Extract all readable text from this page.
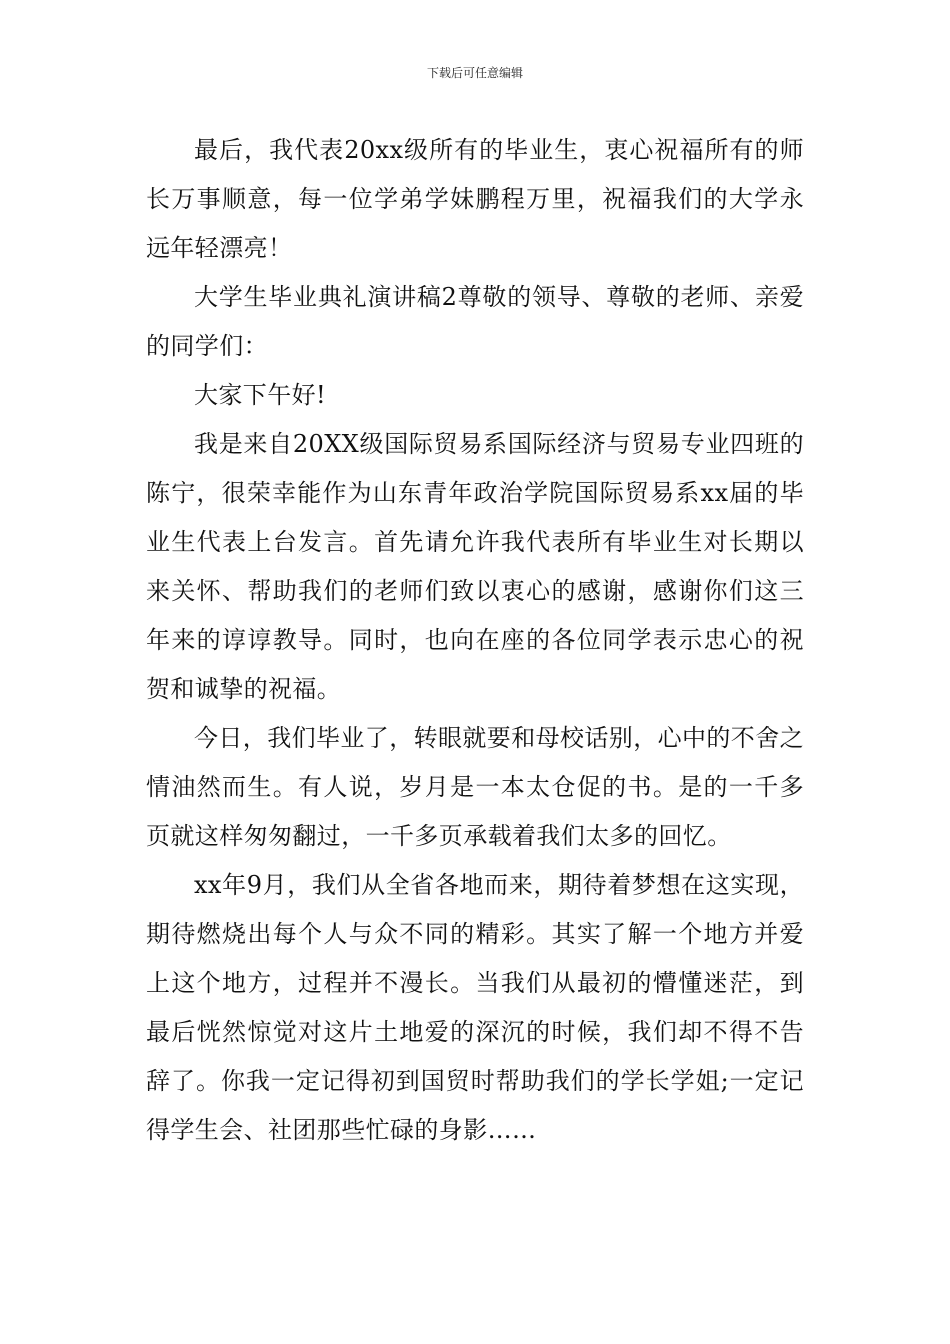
下载后可任意编辑

最后，我代表20xx级所有的毕业生，衷心祝福所有的师长万事顺意，每一位学弟学妹鹏程万里，祝福我们的大学永远年轻漂亮！

大学生毕业典礼演讲稿2尊敬的领导、尊敬的老师、亲爱的同学们：

大家下午好!

我是来自20XX级国际贸易系国际经济与贸易专业四班的陈宁，很荣幸能作为山东青年政治学院国际贸易系xx届的毕业生代表上台发言。首先请允许我代表所有毕业生对长期以来关怀、帮助我们的老师们致以衷心的感谢，感谢你们这三年来的谆谆教导。同时，也向在座的各位同学表示忠心的祝贺和诚挚的祝福。

今日，我们毕业了，转眼就要和母校话别，心中的不舍之情油然而生。有人说，岁月是一本太仓促的书。是的一千多页就这样匆匆翻过，一千多页承载着我们太多的回忆。

xx年9月，我们从全省各地而来，期待着梦想在这实现，期待燃烧出每个人与众不同的精彩。其实了解一个地方并爱上这个地方，过程并不漫长。当我们从最初的懵懂迷茫，到最后恍然惊觉对这片土地爱的深沉的时候，我们却不得不告辞了。你我一定记得初到国贸时帮助我们的学长学姐;一定记得学生会、社团那些忙碌的身影……
